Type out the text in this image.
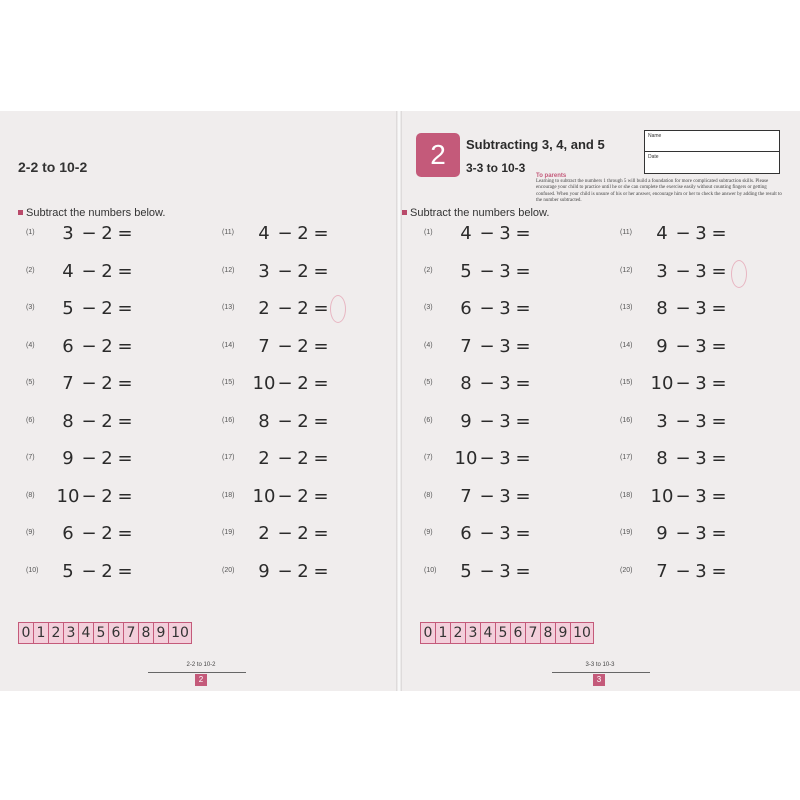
2-2 to 10-2
Subtract the numbers below.
(1)	3 − 2 =
(2)	4 − 2 =
(3)	5 − 2 =
(4)	6 − 2 =
(5)	7 − 2 =
(6)	8 − 2 =
(7)	9 − 2 =
(8)	10 − 2 =
(9)	6 − 2 =
(10)	5 − 2 =
(11)	4 − 2 =
(12)	3 − 2 =
(13)	2 − 2 =
(14)	7 − 2 =
(15)	10 − 2 =
(16)	8 − 2 =
(17)	2 − 2 =
(18)	10 − 2 =
(19)	2 − 2 =
(20)	9 − 2 =
0 1 2 3 4 5 6 7 8 9 10
2-2 to 10-2
2
2	Subtracting 3, 4, and 5
3-3 to 10-3
Name
Date
To parents
Learning to subtract the numbers 1 through 5 will build a foundation for more complicated subtraction skills. Please encourage your child to practice until he or she can complete the exercise easily without counting fingers or getting confused. When your child is unsure of his or her answer, encourage him or her to check the answer by adding the result to the number subtracted.
Subtract the numbers below.
(1)	4 − 3 =
(2)	5 − 3 =
(3)	6 − 3 =
(4)	7 − 3 =
(5)	8 − 3 =
(6)	9 − 3 =
(7)	10 − 3 =
(8)	7 − 3 =
(9)	6 − 3 =
(10)	5 − 3 =
(11)	4 − 3 =
(12)	3 − 3 =
(13)	8 − 3 =
(14)	9 − 3 =
(15)	10 − 3 =
(16)	3 − 3 =
(17)	8 − 3 =
(18)	10 − 3 =
(19)	9 − 3 =
(20)	7 − 3 =
0 1 2 3 4 5 6 7 8 9 10
3-3 to 10-3
3
